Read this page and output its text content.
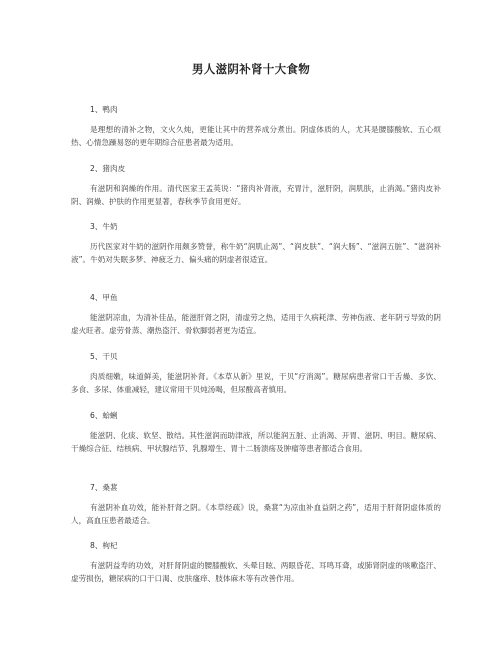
男人滋阴补肾十大食物
1、鸭肉
是理想的清补之物，文火久炖，更能让其中的营养成分煮出。阴虚体质的人，尤其是腰膝酸软、五心烦热、心情急躁易怒的更年期综合征患者最为适用。
2、猪肉皮
有滋阴和润燥的作用。清代医家王孟英说：“猪肉补肾液，充胃汁，滋肝阴，润肌肤，止消渴。”猪肉皮补阴、润燥、护肤的作用更显著，春秋季节食用更好。
3、牛奶
历代医家对牛奶的滋阴作用颇多赞誉，称牛奶“润肌止渴”、“润皮肤”、“润大肠”、“滋润五脏”、“滋润补液”。牛奶对失眠多梦、神疲乏力、偏头痛的阴虚者很适宜。
4、甲鱼
能滋阴凉血，为清补佳品，能滋肝肾之阴，清虚劳之热，适用于久病耗津、劳神伤液、老年阴亏导致的阴虚火旺者。虚劳骨蒸、潮热盗汗、骨软脚弱者更为适宜。
5、干贝
肉质细嫩，味道鲜美，能滋阴补肾。《本草从新》里说，干贝“疗消渴”。糖尿病患者常口干舌燥、多饮、多食、多尿、体重减轻，建议常用干贝炖汤喝，但尿酸高者慎用。
6、蛤蜊
能滋阴、化痰、软坚、散结。其性滋润而助津液，所以能润五脏、止消渴、开胃、滋阴、明目。糖尿病、干燥综合征、结核病、甲状腺结节、乳腺增生、胃十二肠溃疡及肿瘤等患者都适合食用。
7、桑葚
有滋阴补血功效，能补肝肾之阴。《本草经疏》说，桑葚“为凉血补血益阴之药”，适用于肝肾阴虚体质的人，高血压患者最适合。
8、枸杞
有滋阴益寿的功效，对肝肾阴虚的腰膝酸软、头晕目眩、两眼昏花、耳鸣耳聋，或肺肾阴虚的咳嗽盗汗、虚劳损伤，糖尿病的口干口渴、皮肤瘙痒、肢体麻木等有改善作用。
